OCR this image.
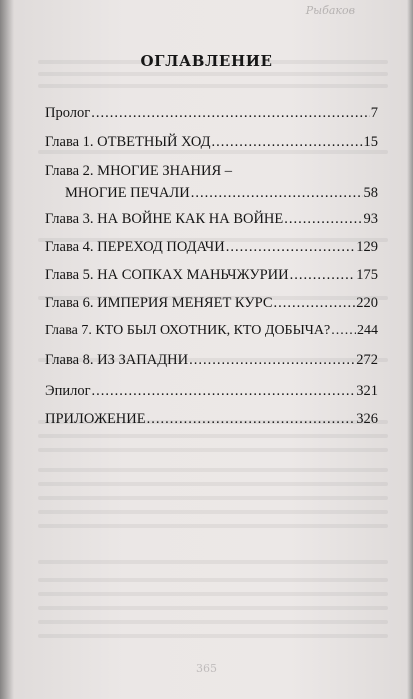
Рыбаков
ОГЛАВЛЕНИЕ
Пролог .....	7
Глава 1. ОТВЕТНЫЙ ХОД .....	15
Глава 2. МНОГИЕ ЗНАНИЯ –
МНОГИЕ ПЕЧАЛИ .....	58
Глава 3. НА ВОЙНЕ КАК НА ВОЙНЕ .....	93
Глава 4. ПЕРЕХОД ПОДАЧИ .....	129
Глава 5. НА СОПКАХ МАНЬЧЖУРИИ .....	175
Глава 6. ИМПЕРИЯ МЕНЯЕТ КУРС .....	220
Глава 7. КТО БЫЛ ОХОТНИК, КТО ДОБЫЧА? ..... 244
Глава 8. ИЗ ЗАПАДНИ .....	272
Эпилог .....	321
ПРИЛОЖЕНИЕ .....	326
365
